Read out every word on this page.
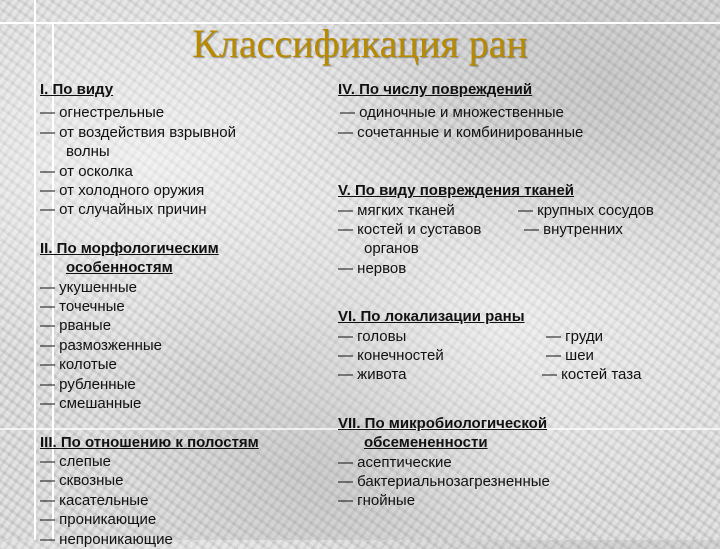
Классификация ран
I. По виду
— огнестрельные
— от воздействия взрывной
волны
— от осколка
— от холодного оружия
— от случайных причин
II. По морфологическим
особенностям
— укушенные
— точечные
— рваные
— размозженные
— колотые
— рубленные
— смешанные
III. По отношению к полостям
— слепые
— сквозные
— касательные
— проникающие
— непроникающие
IV. По числу повреждений
— одиночные и множественные
— сочетанные и комбинированные
V. По виду повреждения тканей
— мягких тканей	— крупных сосудов
— костей и суставов	— внутренних
органов
— нервов
VI. По локализации раны
— головы	— груди
— конечностей	— шеи
— живота	— костей таза
VII. По микробиологической
обсемененности
— асептические
— бактериальнозагрезненные
— гнойные
